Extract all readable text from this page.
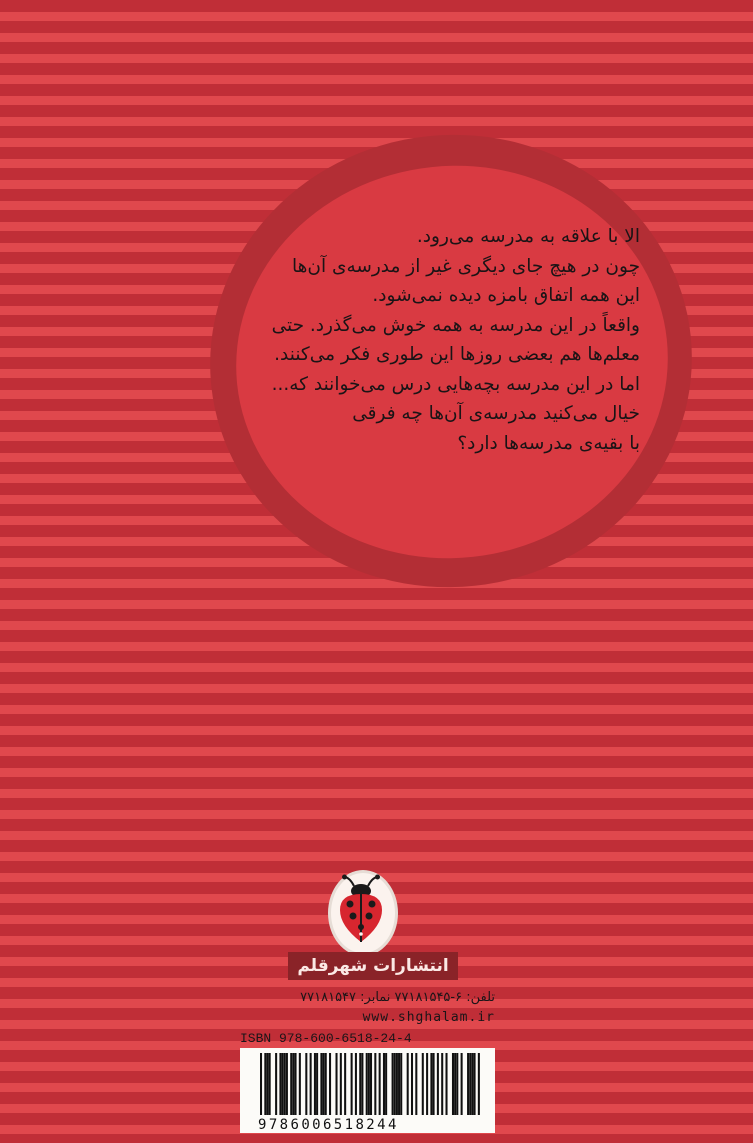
الا با علاقه به مدرسه می‌رود.
چون در هیچ جای دیگری غیر از مدرسه‌ی آن‌ها
این همه اتفاق بامزه دیده نمی‌شود.
واقعاً در این مدرسه به همه خوش می‌گذرد. حتی
معلم‌ها هم بعضی روزها این طوری فکر می‌کنند.
اما در این مدرسه بچه‌هایی درس می‌خوانند که...
خیال می‌کنید مدرسه‌ی آن‌ها چه فرقی
با بقیه‌ی مدرسه‌ها دارد؟
انتشارات شهرقلم
تلفن: ۶-۷۷۱۸۱۵۴۵ نمابر: ۷۷۱۸۱۵۴۷
www.shghalam.ir
ISBN 978-600-6518-24-4
9786006518244
